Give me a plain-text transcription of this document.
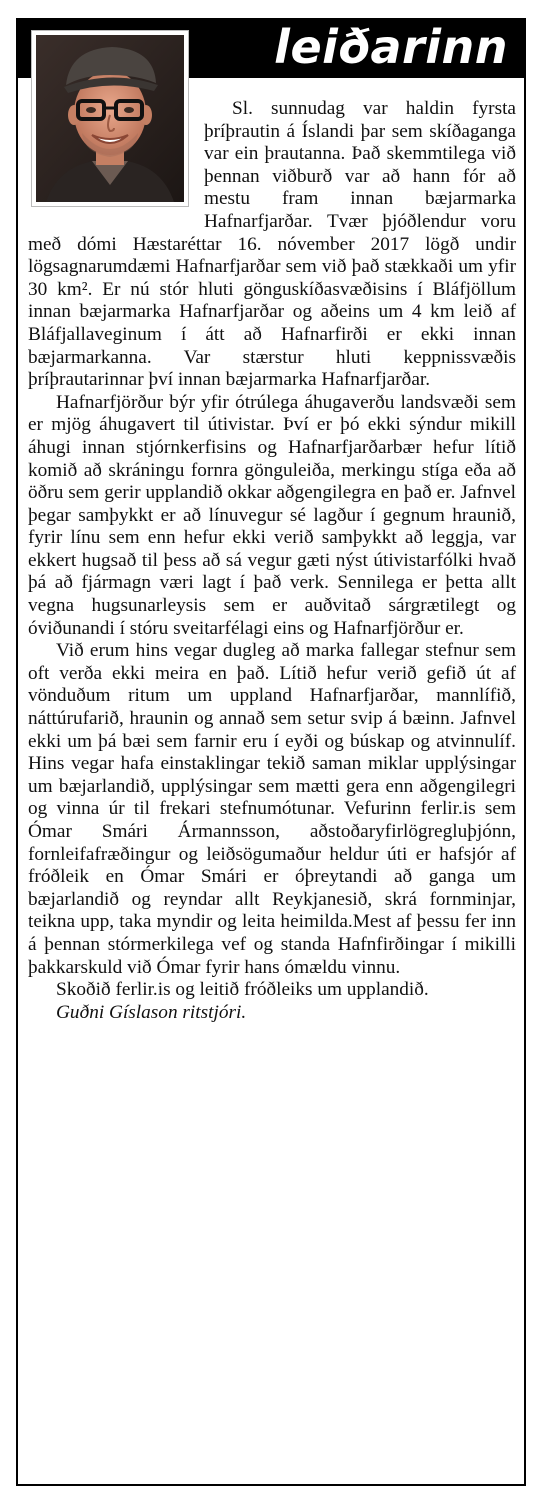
leiðarinn

Sl. sunnudag var haldin fyrsta þríþrautin á Íslandi þar sem skíðaganga var ein þrautanna. Það skemmtilega við þennan viðburð var að hann fór að mestu fram innan bæjarmarka Hafnarfjarðar. Tvær þjóðlendur voru með dómi Hæstaréttar 16. nóvember 2017 lögð undir lögsagnarumdæmi Hafnarfjarðar sem við það stækkaði um yfir 30 km². Er nú stór hluti gönguskíðasvæðisins í Bláfjöllum innan bæjarmarka Hafnarfjarðar og aðeins um 4 km leið af Bláfjallaveginum í átt að Hafnarfirði er ekki innan bæjarmarkanna. Var stærstur hluti keppnissvæðis þríþrautarinnar því innan bæjarmarka Hafnarfjarðar.

Hafnarfjörður býr yfir ótrúlega áhugaverðu landsvæði sem er mjög áhugavert til útivistar. Því er þó ekki sýndur mikill áhugi innan stjórnkerfisins og Hafnarfjarðarbær hefur lítið komið að skráningu fornra gönguleiða, merkingu stíga eða að öðru sem gerir upplandið okkar aðgengilegra en það er. Jafnvel þegar samþykkt er að línuvegur sé lagður í gegnum hraunið, fyrir línu sem enn hefur ekki verið samþykkt að leggja, var ekkert hugsað til þess að sá vegur gæti nýst útivistarfólki hvað þá að fjármagn væri lagt í það verk. Sennilega er þetta allt vegna hugsunarleysis sem er auðvitað sárgrætilegt og óviðunandi í stóru sveitarfélagi eins og Hafnarfjörður er.

Við erum hins vegar dugleg að marka fallegar stefnur sem oft verða ekki meira en það. Lítið hefur verið gefið út af vönduðum ritum um uppland Hafnarfjarðar, mannlífið, náttúrufarið, hraunin og annað sem setur svip á bæinn. Jafnvel ekki um þá bæi sem farnir eru í eyði og búskap og atvinnulíf. Hins vegar hafa einstaklingar tekið saman miklar upplýsingar um bæjarlandið, upplýsingar sem mætti gera enn aðgengilegri og vinna úr til frekari stefnumótunar. Vefurinn ferlir.is sem Ómar Smári Ármannsson, aðstoðaryfirlögregluþjónn, fornleifafræðingur og leiðsögumaður heldur úti er hafsjór af fróðleik en Ómar Smári er óþreytandi að ganga um bæjarlandið og reyndar allt Reykjanesið, skrá fornminjar, teikna upp, taka myndir og leita heimilda.Mest af þessu fer inn á þennan stórmerkilega vef og standa Hafnfirðingar í mikilli þakkarskuld við Ómar fyrir hans ómældu vinnu.

Skoðið ferlir.is og leitið fróðleiks um upplandið.

Guðni Gíslason ritstjóri.
